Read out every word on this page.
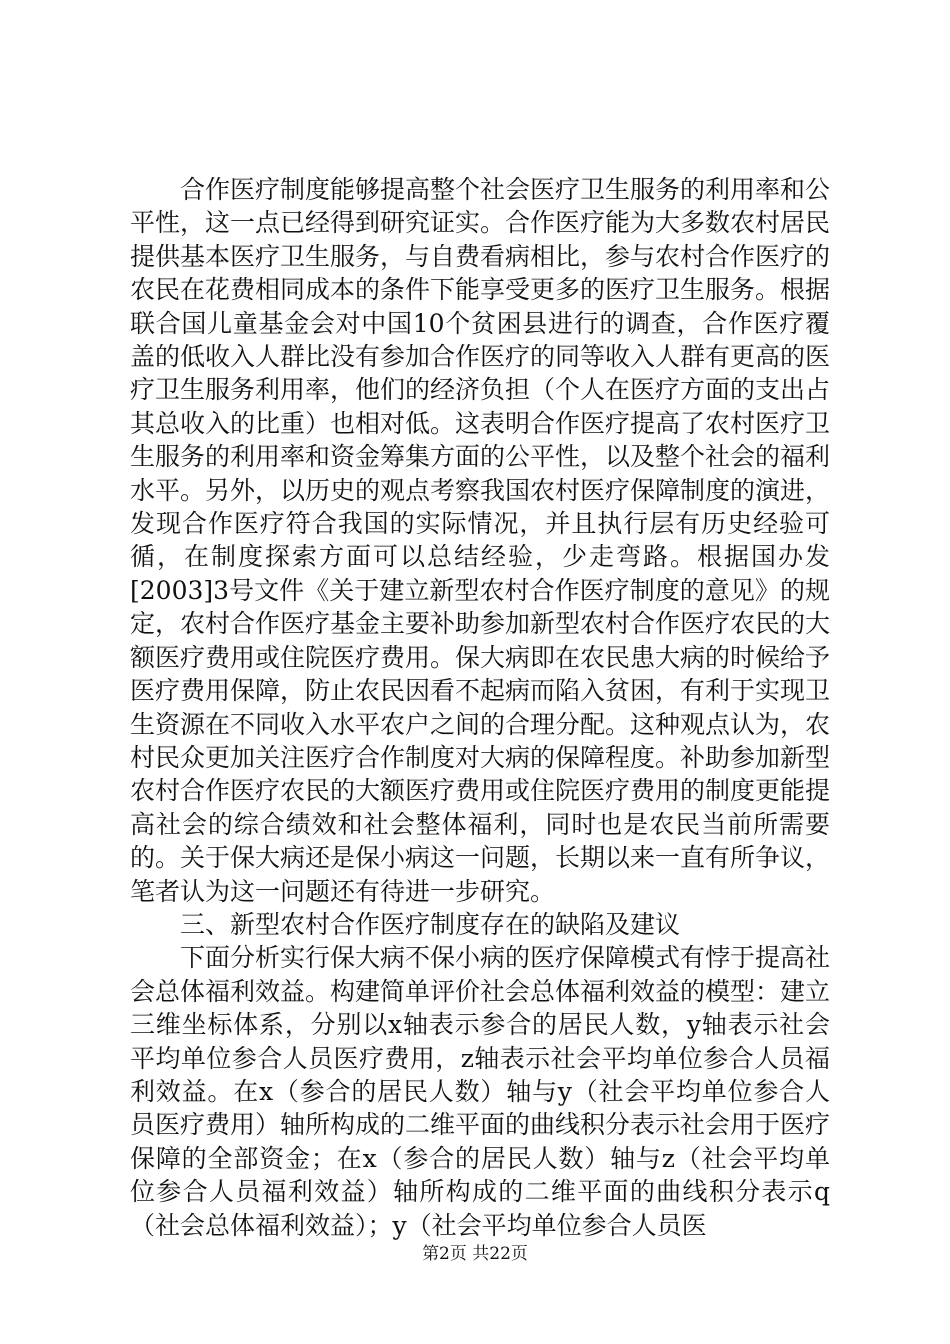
合作医疗制度能够提高整个社会医疗卫生服务的利用率和公平性，这一点已经得到研究证实。合作医疗能为大多数农村居民提供基本医疗卫生服务，与自费看病相比，参与农村合作医疗的农民在花费相同成本的条件下能享受更多的医疗卫生服务。根据联合国儿童基金会对中国10个贫困县进行的调查，合作医疗覆盖的低收入人群比没有参加合作医疗的同等收入人群有更高的医疗卫生服务利用率，他们的经济负担（个人在医疗方面的支出占其总收入的比重）也相对低。这表明合作医疗提高了农村医疗卫生服务的利用率和资金筹集方面的公平性，以及整个社会的福利水平。另外，以历史的观点考察我国农村医疗保障制度的演进，发现合作医疗符合我国的实际情况，并且执行层有历史经验可循，在制度探索方面可以总结经验，少走弯路。根据国办发[2003]3号文件《关于建立新型农村合作医疗制度的意见》的规定，农村合作医疗基金主要补助参加新型农村合作医疗农民的大额医疗费用或住院医疗费用。保大病即在农民患大病的时候给予医疗费用保障，防止农民因看不起病而陷入贫困，有利于实现卫生资源在不同收入水平农户之间的合理分配。这种观点认为，农村民众更加关注医疗合作制度对大病的保障程度。补助参加新型农村合作医疗农民的大额医疗费用或住院医疗费用的制度更能提高社会的综合绩效和社会整体福利，同时也是农民当前所需要的。关于保大病还是保小病这一问题，长期以来一直有所争议，笔者认为这一问题还有待进一步研究。

三、新型农村合作医疗制度存在的缺陷及建议

下面分析实行保大病不保小病的医疗保障模式有悖于提高社会总体福利效益。构建简单评价社会总体福利效益的模型：建立三维坐标体系，分别以x轴表示参合的居民人数，y轴表示社会平均单位参合人员医疗费用，z轴表示社会平均单位参合人员福利效益。在x（参合的居民人数）轴与y（社会平均单位参合人员医疗费用）轴所构成的二维平面的曲线积分表示社会用于医疗保障的全部资金；在x（参合的居民人数）轴与z（社会平均单位参合人员福利效益）轴所构成的二维平面的曲线积分表示q（社会总体福利效益）；y（社会平均单位参合人员医

第2页 共22页
